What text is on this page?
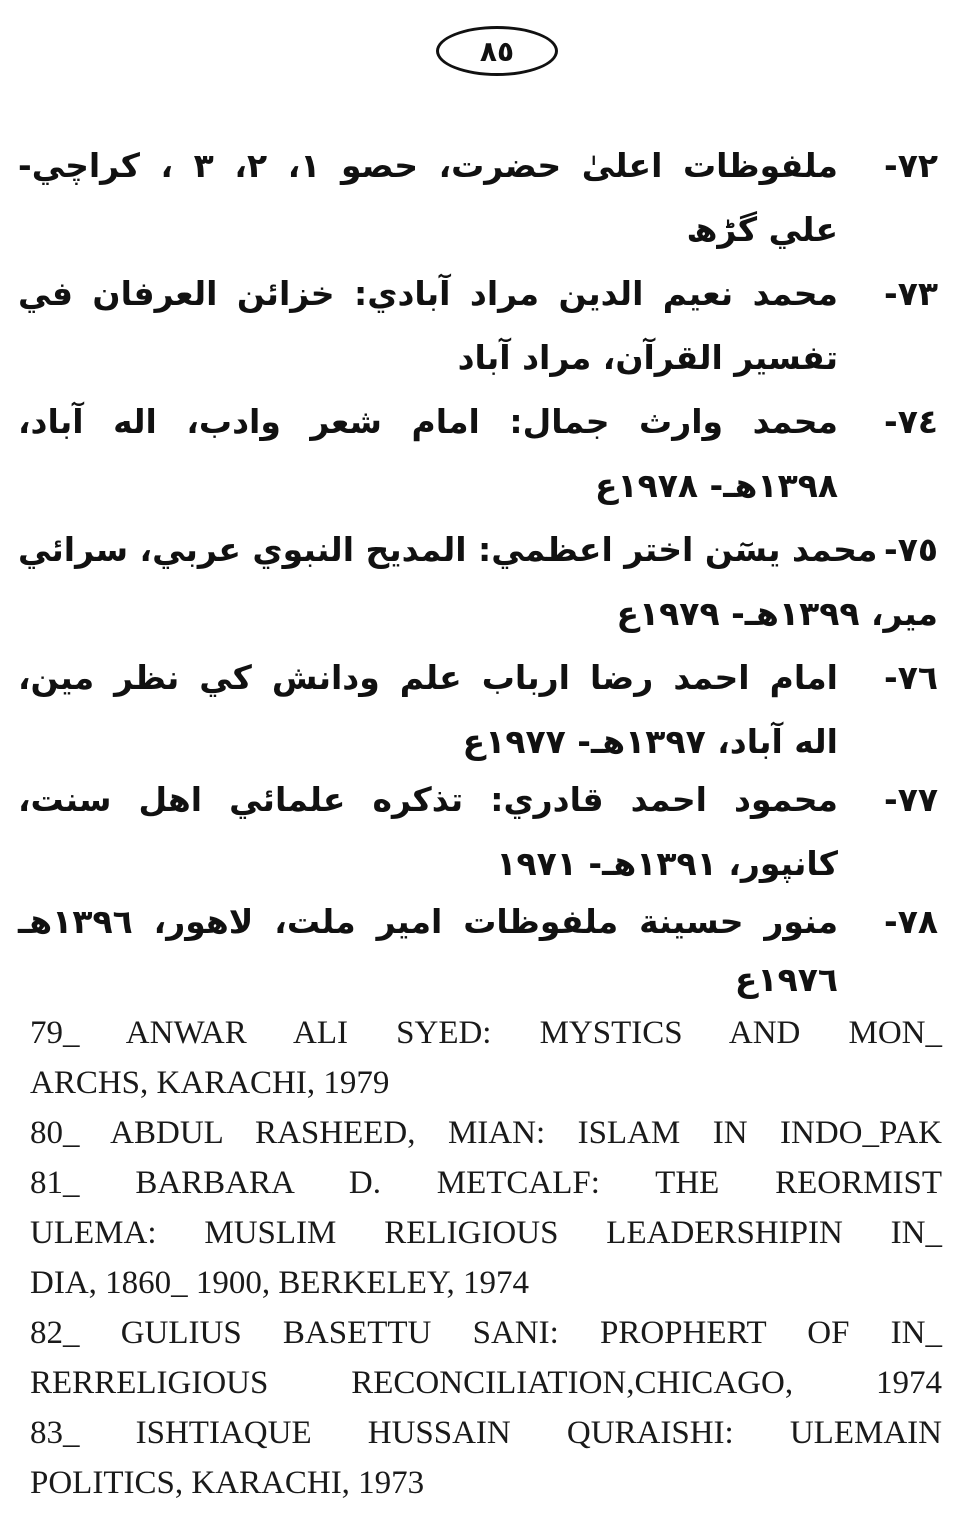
٨٥
٧٢-
ملفوظات اعلیٰ حضرت، حصو ١، ٢، ٣ ، كراچي-
علي گڑھ
٧٣-
محمد نعيم الدين مراد آبادي: خزائن العرفان في
تفسير القرآن، مراد آباد
٧٤-
محمد وارث جمال: امام شعر وادب، اله آباد،
١٣٩٨هـ- ١٩٧٨ع
٧٥-
محمد يسٓن اختر اعظمي: المديح النبوي عربي، سرائي
مير، ١٣٩٩هـ- ١٩٧٩ع
٧٦-
امام احمد رضا ارباب علم ودانش كي نظر مين،
اله آباد، ١٣٩٧هـ- ١٩٧٧ع
٧٧-
محمود احمد قادري: تذكره علمائي اهل سنت،
كانپور، ١٣٩١هـ- ١٩٧١
٧٨-
منور حسينة ملفوظات امير ملت، لاهور، ١٣٩٦هـ
١٩٧٦ع
79_ ANWAR ALI SYED: MYSTICS AND MON_
ARCHS, KARACHI, 1979
80_ ABDUL RASHEED, MIAN: ISLAM IN INDO_PAK
81_ BARBARA D. METCALF: THE REORMIST
ULEMA: MUSLIM RELIGIOUS LEADERSHIPIN IN_
DIA, 1860_ 1900, BERKELEY, 1974
82_ GULIUS BASETTU SANI: PROPHERT OF IN_
RERRELIGIOUS RECONCILIATION,CHICAGO, 1974
83_ ISHTIAQUE HUSSAIN QURAISHI: ULEMAIN
POLITICS, KARACHI, 1973
